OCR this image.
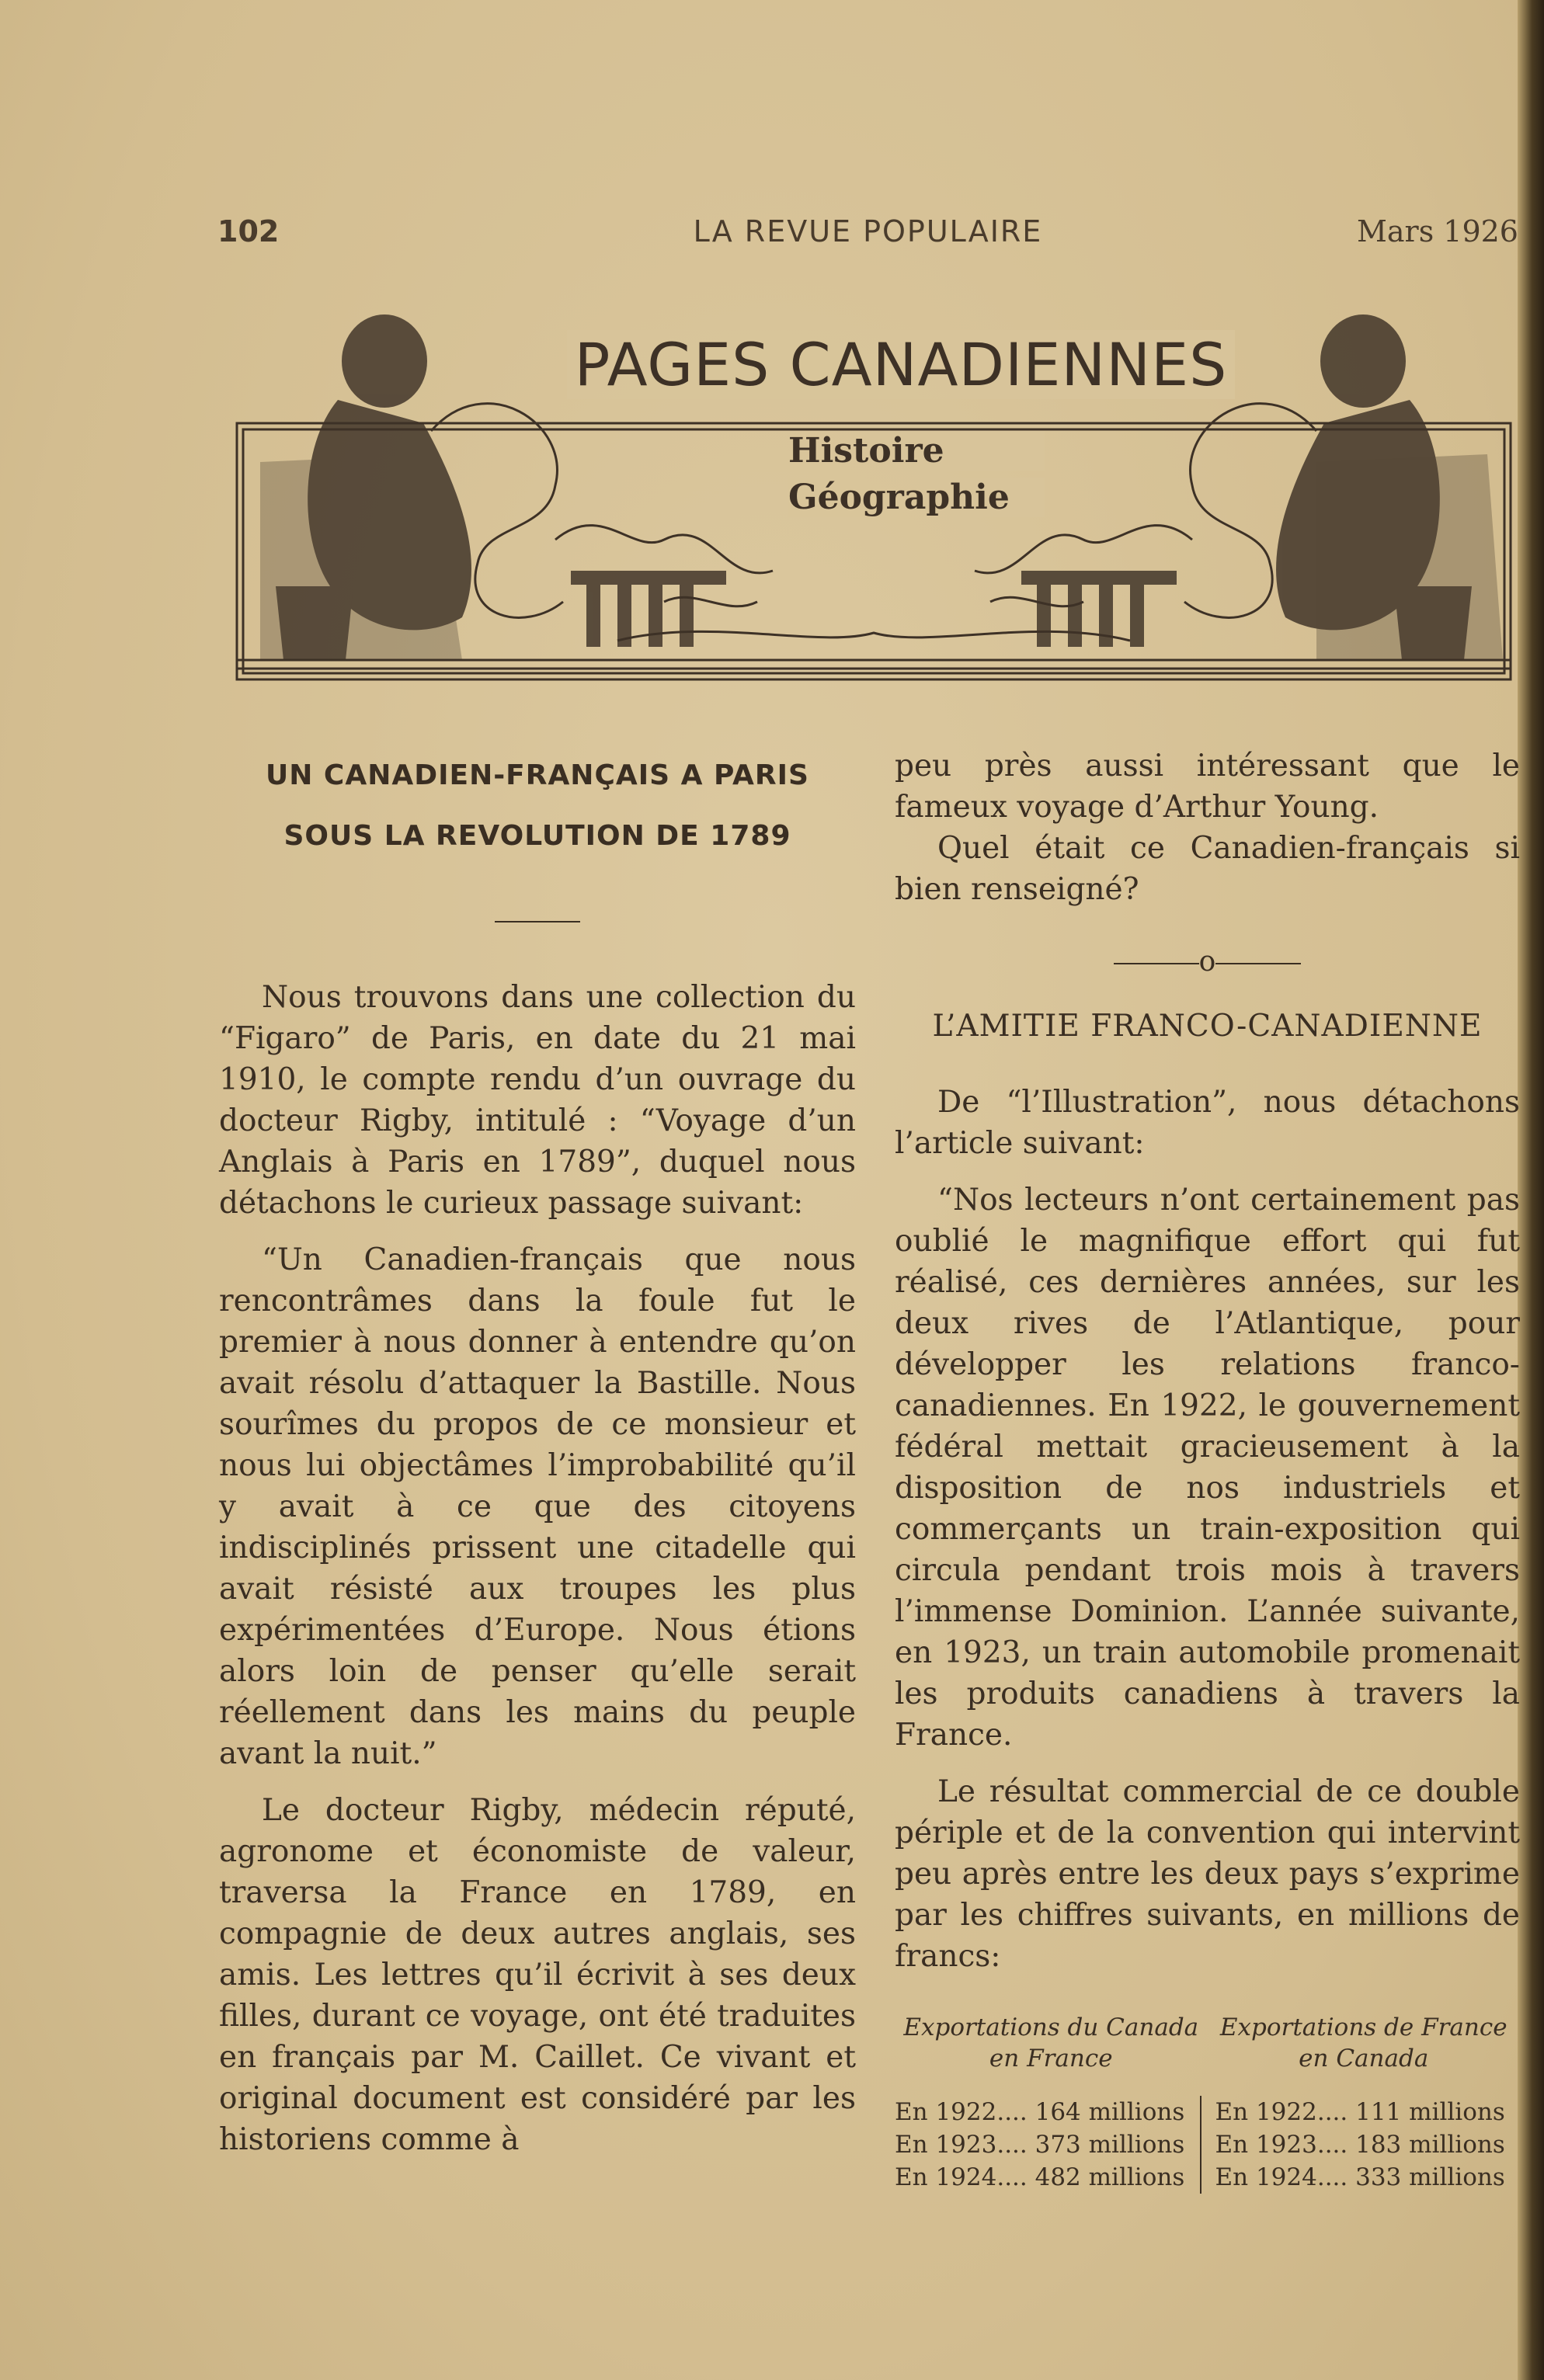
102	LA REVUE POPULAIRE	Mars 1926
PAGES CANADIENNES
Histoire
Géographie

UN CANADIEN-FRANÇAIS A PARIS

SOUS LA REVOLUTION DE 1789

Nous trouvons dans une collection du “Figaro” de Paris, en date du 21 mai 1910, le compte rendu d’un ouvrage du docteur Rigby, intitulé : “Voyage d’un Anglais à Paris en 1789”, duquel nous détachons le curieux passage suivant:

“Un Canadien-français que nous rencontrâmes dans la foule fut le premier à nous donner à entendre qu’on avait résolu d’attaquer la Bastille. Nous sourîmes du propos de ce monsieur et nous lui objectâmes l’improbabilité qu’il y avait à ce que des citoyens indisciplinés prissent une citadelle qui avait résisté aux troupes les plus expérimentées d’Europe. Nous étions alors loin de penser qu’elle serait réellement dans les mains du peuple avant la nuit.”

Le docteur Rigby, médecin réputé, agronome et économiste de valeur, traversa la France en 1789, en compagnie de deux autres anglais, ses amis. Les lettres qu’il écrivit à ses deux filles, durant ce voyage, ont été traduites en français par M. Caillet. Ce vivant et original document est considéré par les historiens comme à

peu près aussi intéressant que le fameux voyage d’Arthur Young.

Quel était ce Canadien-français si bien renseigné?

o

L’AMITIE FRANCO-CANADIENNE

De “l’Illustration”, nous détachons l’article suivant:

“Nos lecteurs n’ont certainement pas oublié le magnifique effort qui fut réalisé, ces dernières années, sur les deux rives de l’Atlantique, pour développer les relations franco-canadiennes. En 1922, le gouvernement fédéral mettait gracieusement à la disposition de nos industriels et commerçants un train-exposition qui circula pendant trois mois à travers l’immense Dominion. L’année suivante, en 1923, un train automobile promenait les produits canadiens à travers la France.

Le résultat commercial de ce double périple et de la convention qui intervint peu après entre les deux pays s’exprime par les chiffres suivants, en millions de francs:

Exportations du Canada
en France
Exportations de France
en Canada
En 1922.... 164 millions
En 1923.... 373 millions
En 1924.... 482 millions
En 1922.... 111 millions
En 1923.... 183 millions
En 1924.... 333 millions
